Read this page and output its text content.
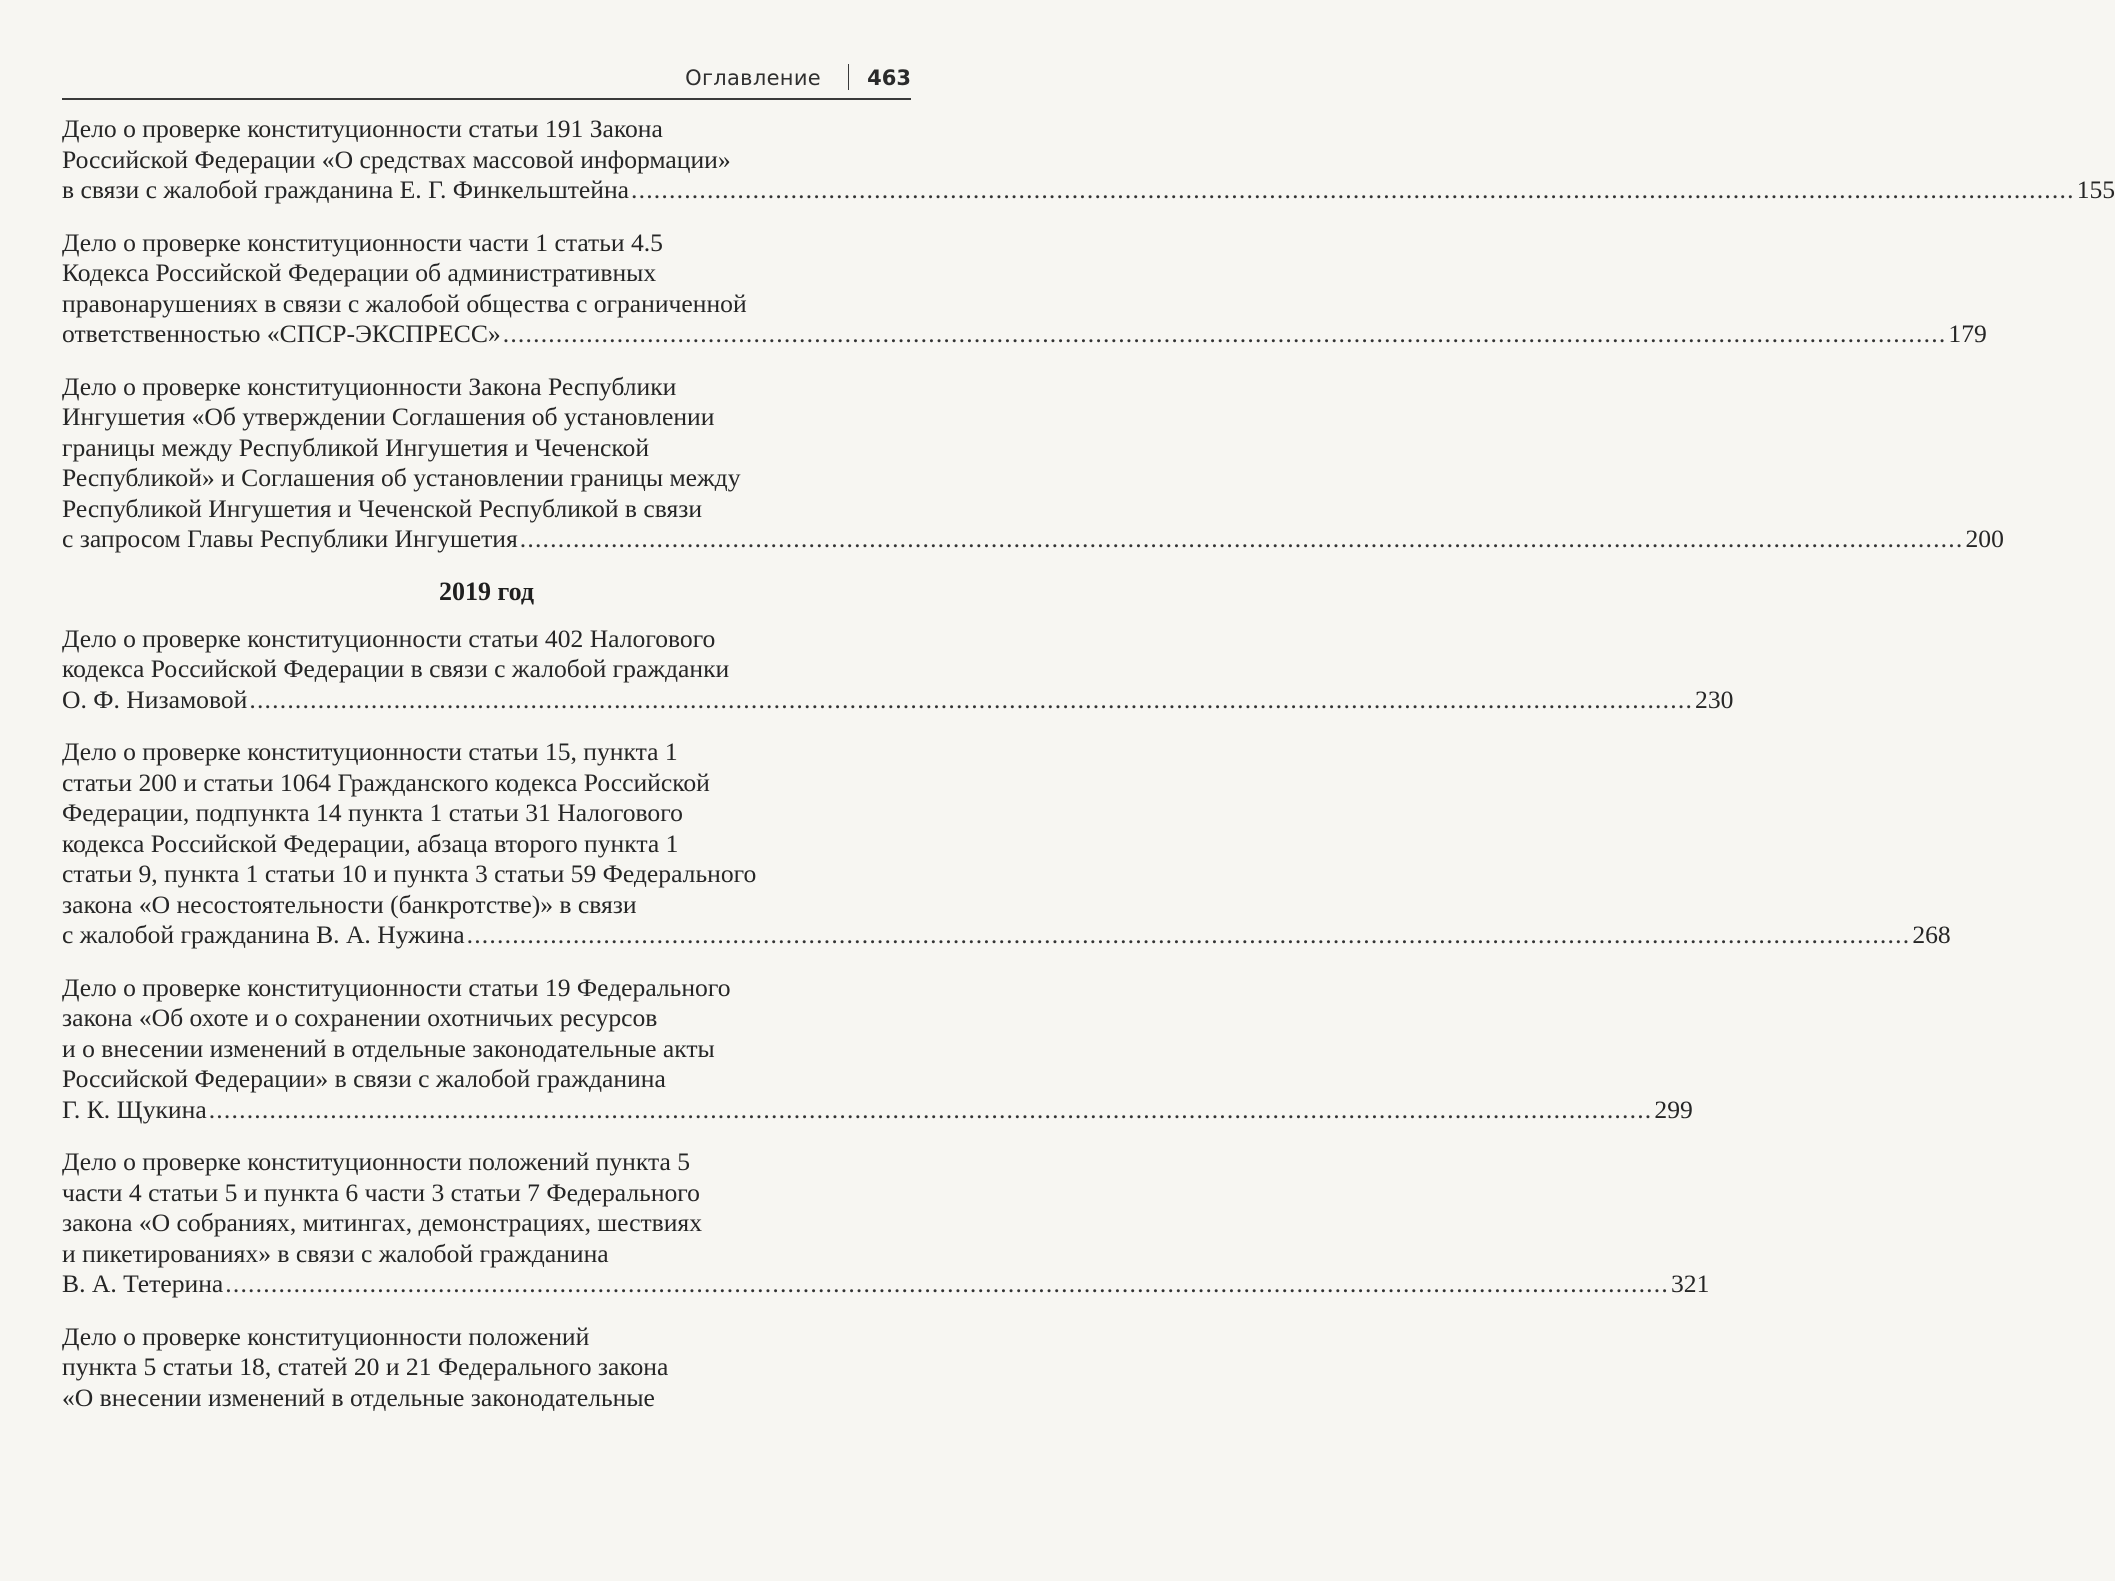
Оглавление 463
Дело о проверке конституционности статьи 191 Закона
Российской Федерации «О средствах массовой информации»
в связи с жалобой гражданина Е. Г. Финкельштейна .............................................................................................................................................................................................. 155
Дело о проверке конституционности части 1 статьи 4.5
Кодекса Российской Федерации об административных
правонарушениях в связи с жалобой общества с ограниченной
ответственностью «СПСР-ЭКСПРЕСС» .............................................................................................................................................................................................. 179
Дело о проверке конституционности Закона Республики
Ингушетия «Об утверждении Соглашения об установлении
границы между Республикой Ингушетия и Чеченской
Республикой» и Соглашения об установлении границы между
Республикой Ингушетия и Чеченской Республикой в связи
с запросом Главы Республики Ингушетия .............................................................................................................................................................................................. 200
2019 год
Дело о проверке конституционности статьи 402 Налогового
кодекса Российской Федерации в связи с жалобой гражданки
О. Ф. Низамовой .............................................................................................................................................................................................. 230
Дело о проверке конституционности статьи 15, пункта 1
статьи 200 и статьи 1064 Гражданского кодекса Российской
Федерации, подпункта 14 пункта 1 статьи 31 Налогового
кодекса Российской Федерации, абзаца второго пункта 1
статьи 9, пункта 1 статьи 10 и пункта 3 статьи 59 Федерального
закона «О несостоятельности (банкротстве)» в связи
с жалобой гражданина В. А. Нужина .............................................................................................................................................................................................. 268
Дело о проверке конституционности статьи 19 Федерального
закона «Об охоте и о сохранении охотничьих ресурсов
и о внесении изменений в отдельные законодательные акты
Российской Федерации» в связи с жалобой гражданина
Г. К. Щукина .............................................................................................................................................................................................. 299
Дело о проверке конституционности положений пункта 5
части 4 статьи 5 и пункта 6 части 3 статьи 7 Федерального
закона «О собраниях, митингах, демонстрациях, шествиях
и пикетированиях» в связи с жалобой гражданина
В. А. Тетерина .............................................................................................................................................................................................. 321
Дело о проверке конституционности положений
пункта 5 статьи 18, статей 20 и 21 Федерального закона
«О внесении изменений в отдельные законодательные
